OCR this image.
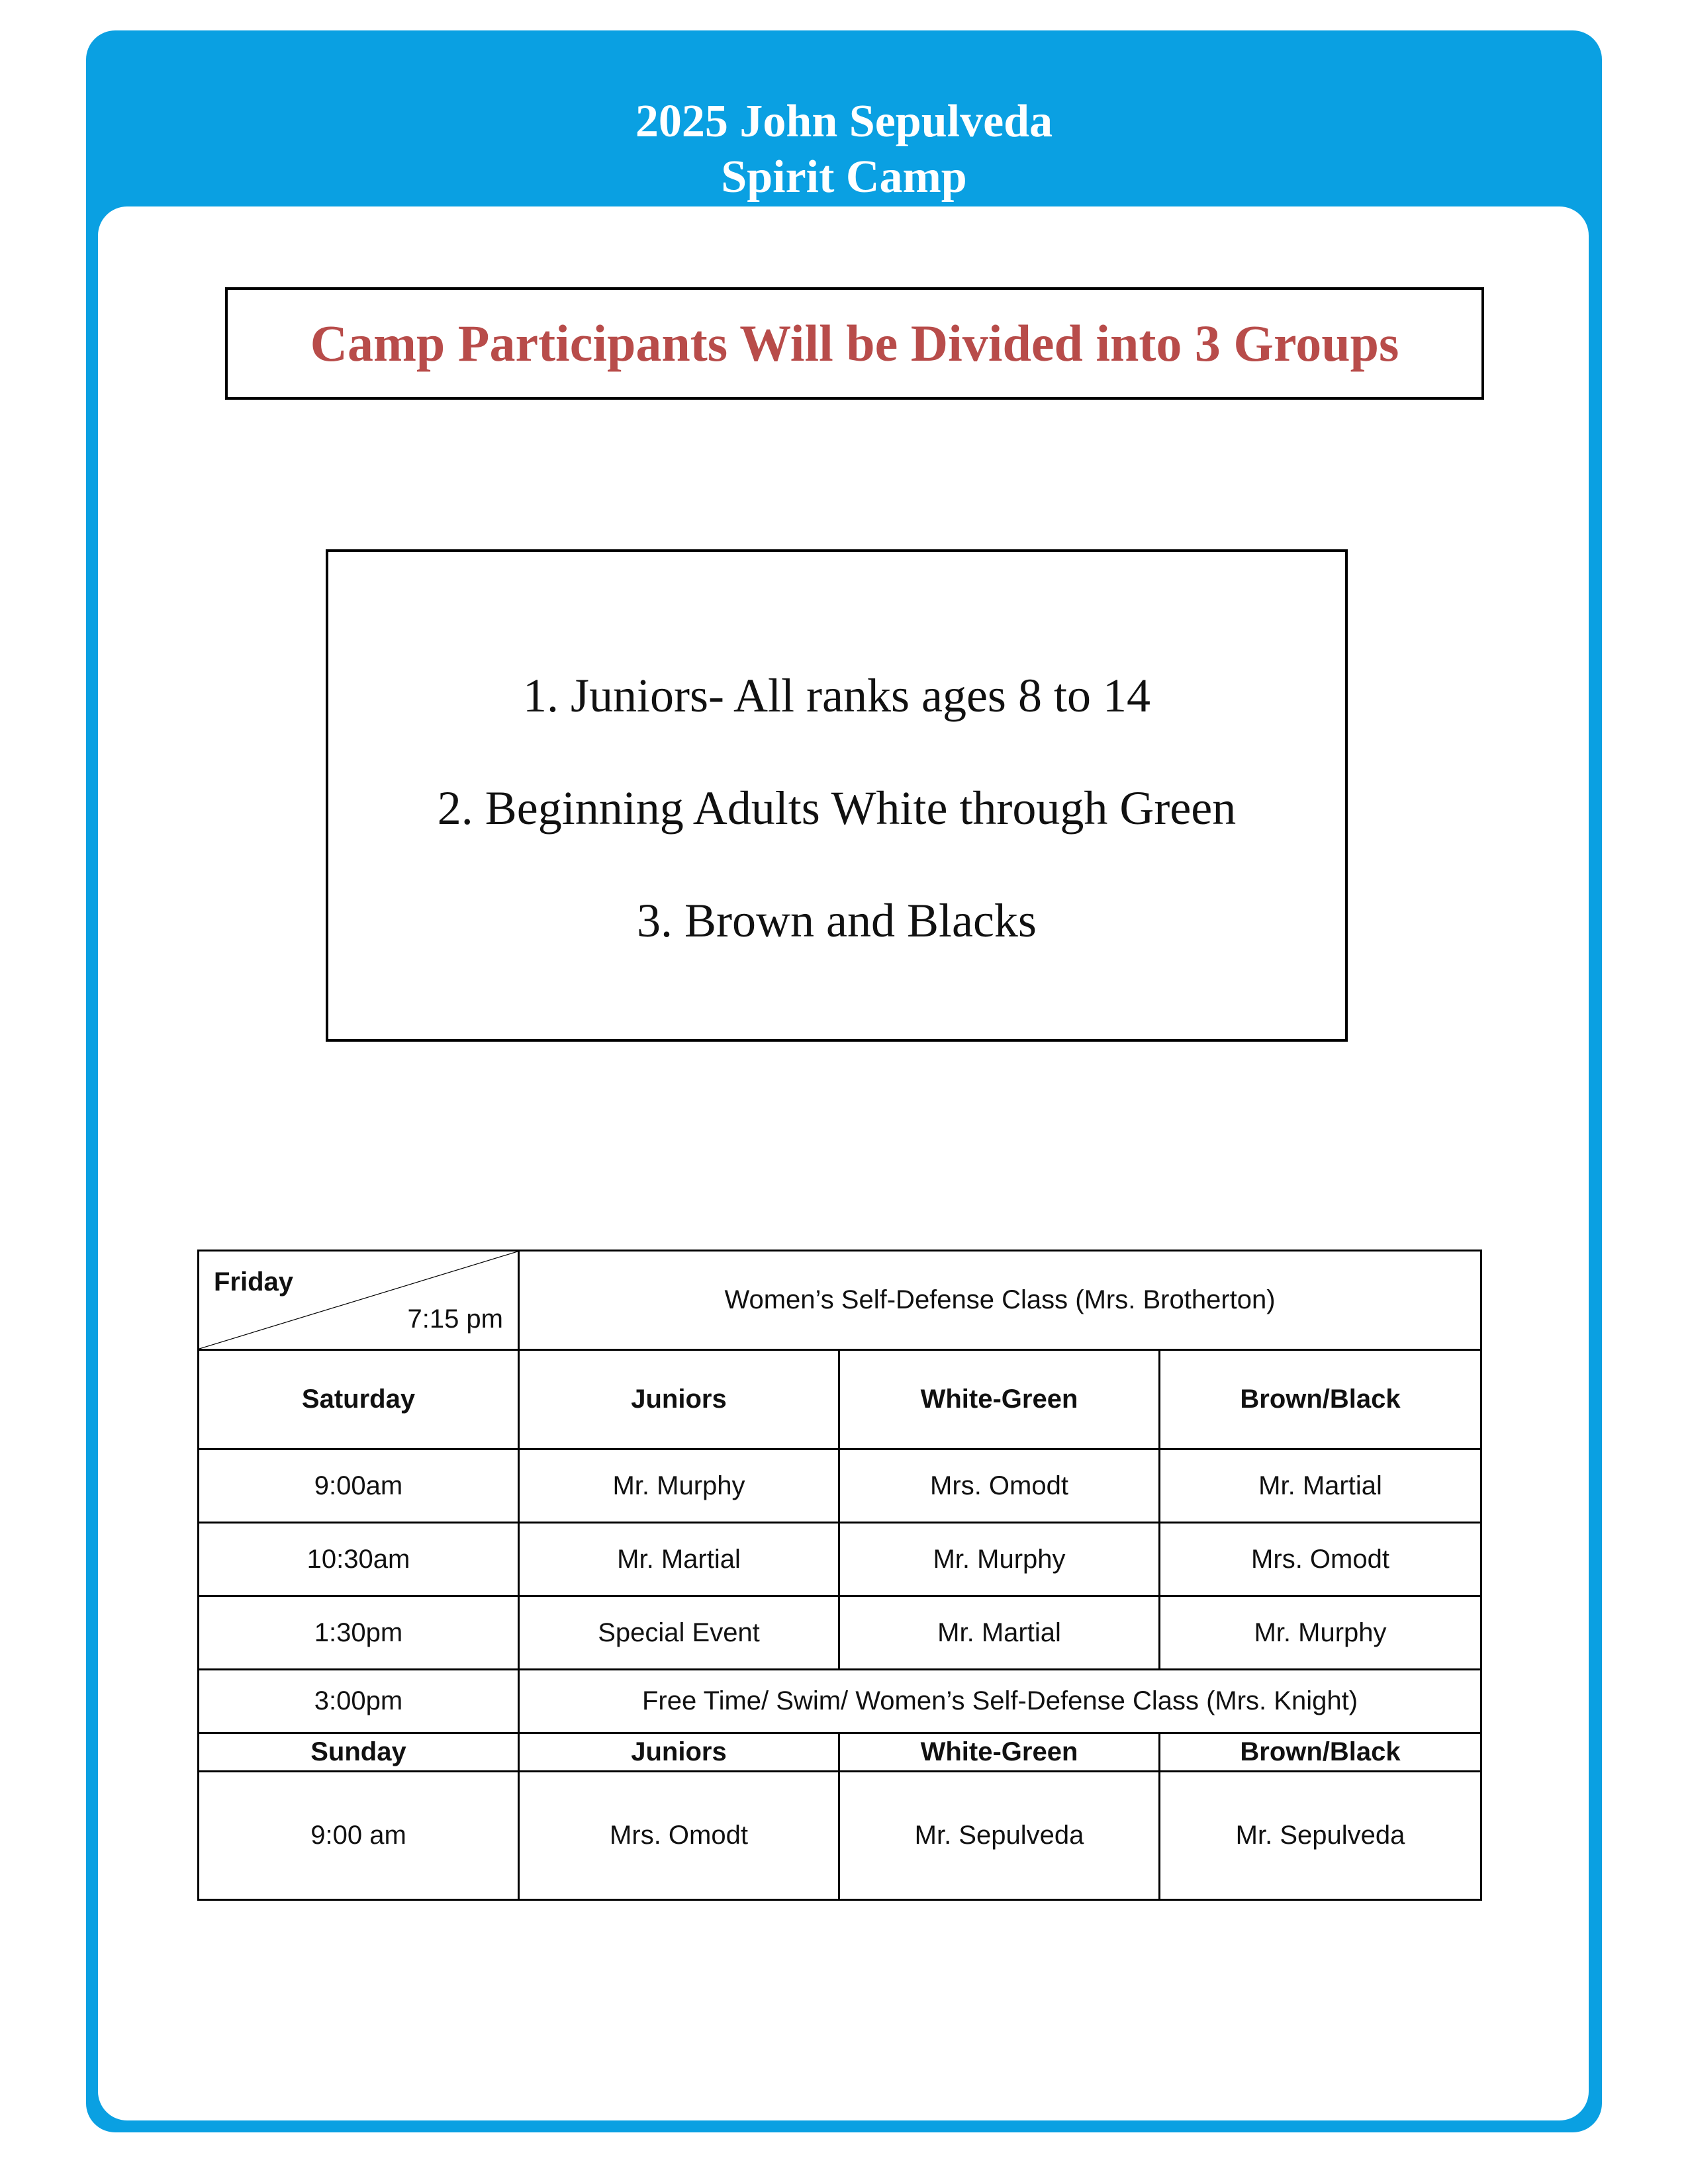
2025 John Sepulveda
Spirit Camp
Camp Participants Will be Divided into 3 Groups
1. Juniors- All ranks ages 8 to 14
2. Beginning Adults White through Green
3. Brown and Blacks
Friday
7:15 pm	Women’s Self-Defense Class (Mrs. Brotherton)		
Saturday	Juniors	White-Green	Brown/Black
9:00am	Mr. Murphy	Mrs. Omodt	Mr. Martial
10:30am	Mr. Martial	Mr. Murphy	Mrs. Omodt
1:30pm	Special Event	Mr. Martial	Mr. Murphy
3:00pm	Free Time/ Swim/ Women’s Self-Defense Class (Mrs. Knight)		
Sunday	Juniors	White-Green	Brown/Black
9:00 am	Mrs. Omodt	Mr. Sepulveda	Mr. Sepulveda
